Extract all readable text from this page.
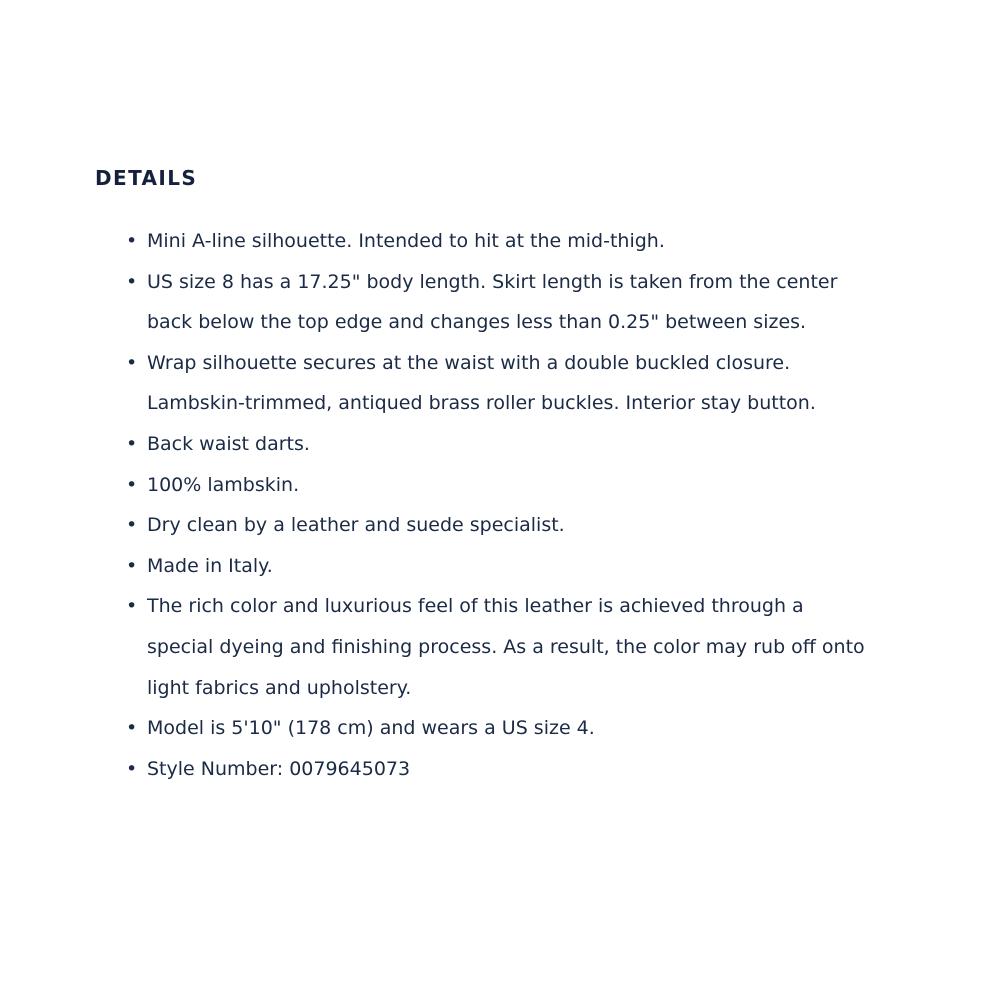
DETAILS
• Mini A-line silhouette. Intended to hit at the mid-thigh.
• US size 8 has a 17.25" body length. Skirt length is taken from the center back below the top edge and changes less than 0.25" between sizes.
• Wrap silhouette secures at the waist with a double buckled closure. Lambskin-trimmed, antiqued brass roller buckles. Interior stay button.
• Back waist darts.
• 100% lambskin.
• Dry clean by a leather and suede specialist.
• Made in Italy.
• The rich color and luxurious feel of this leather is achieved through a special dyeing and finishing process. As a result, the color may rub off onto light fabrics and upholstery.
• Model is 5'10" (178 cm) and wears a US size 4.
• Style Number: 0079645073
